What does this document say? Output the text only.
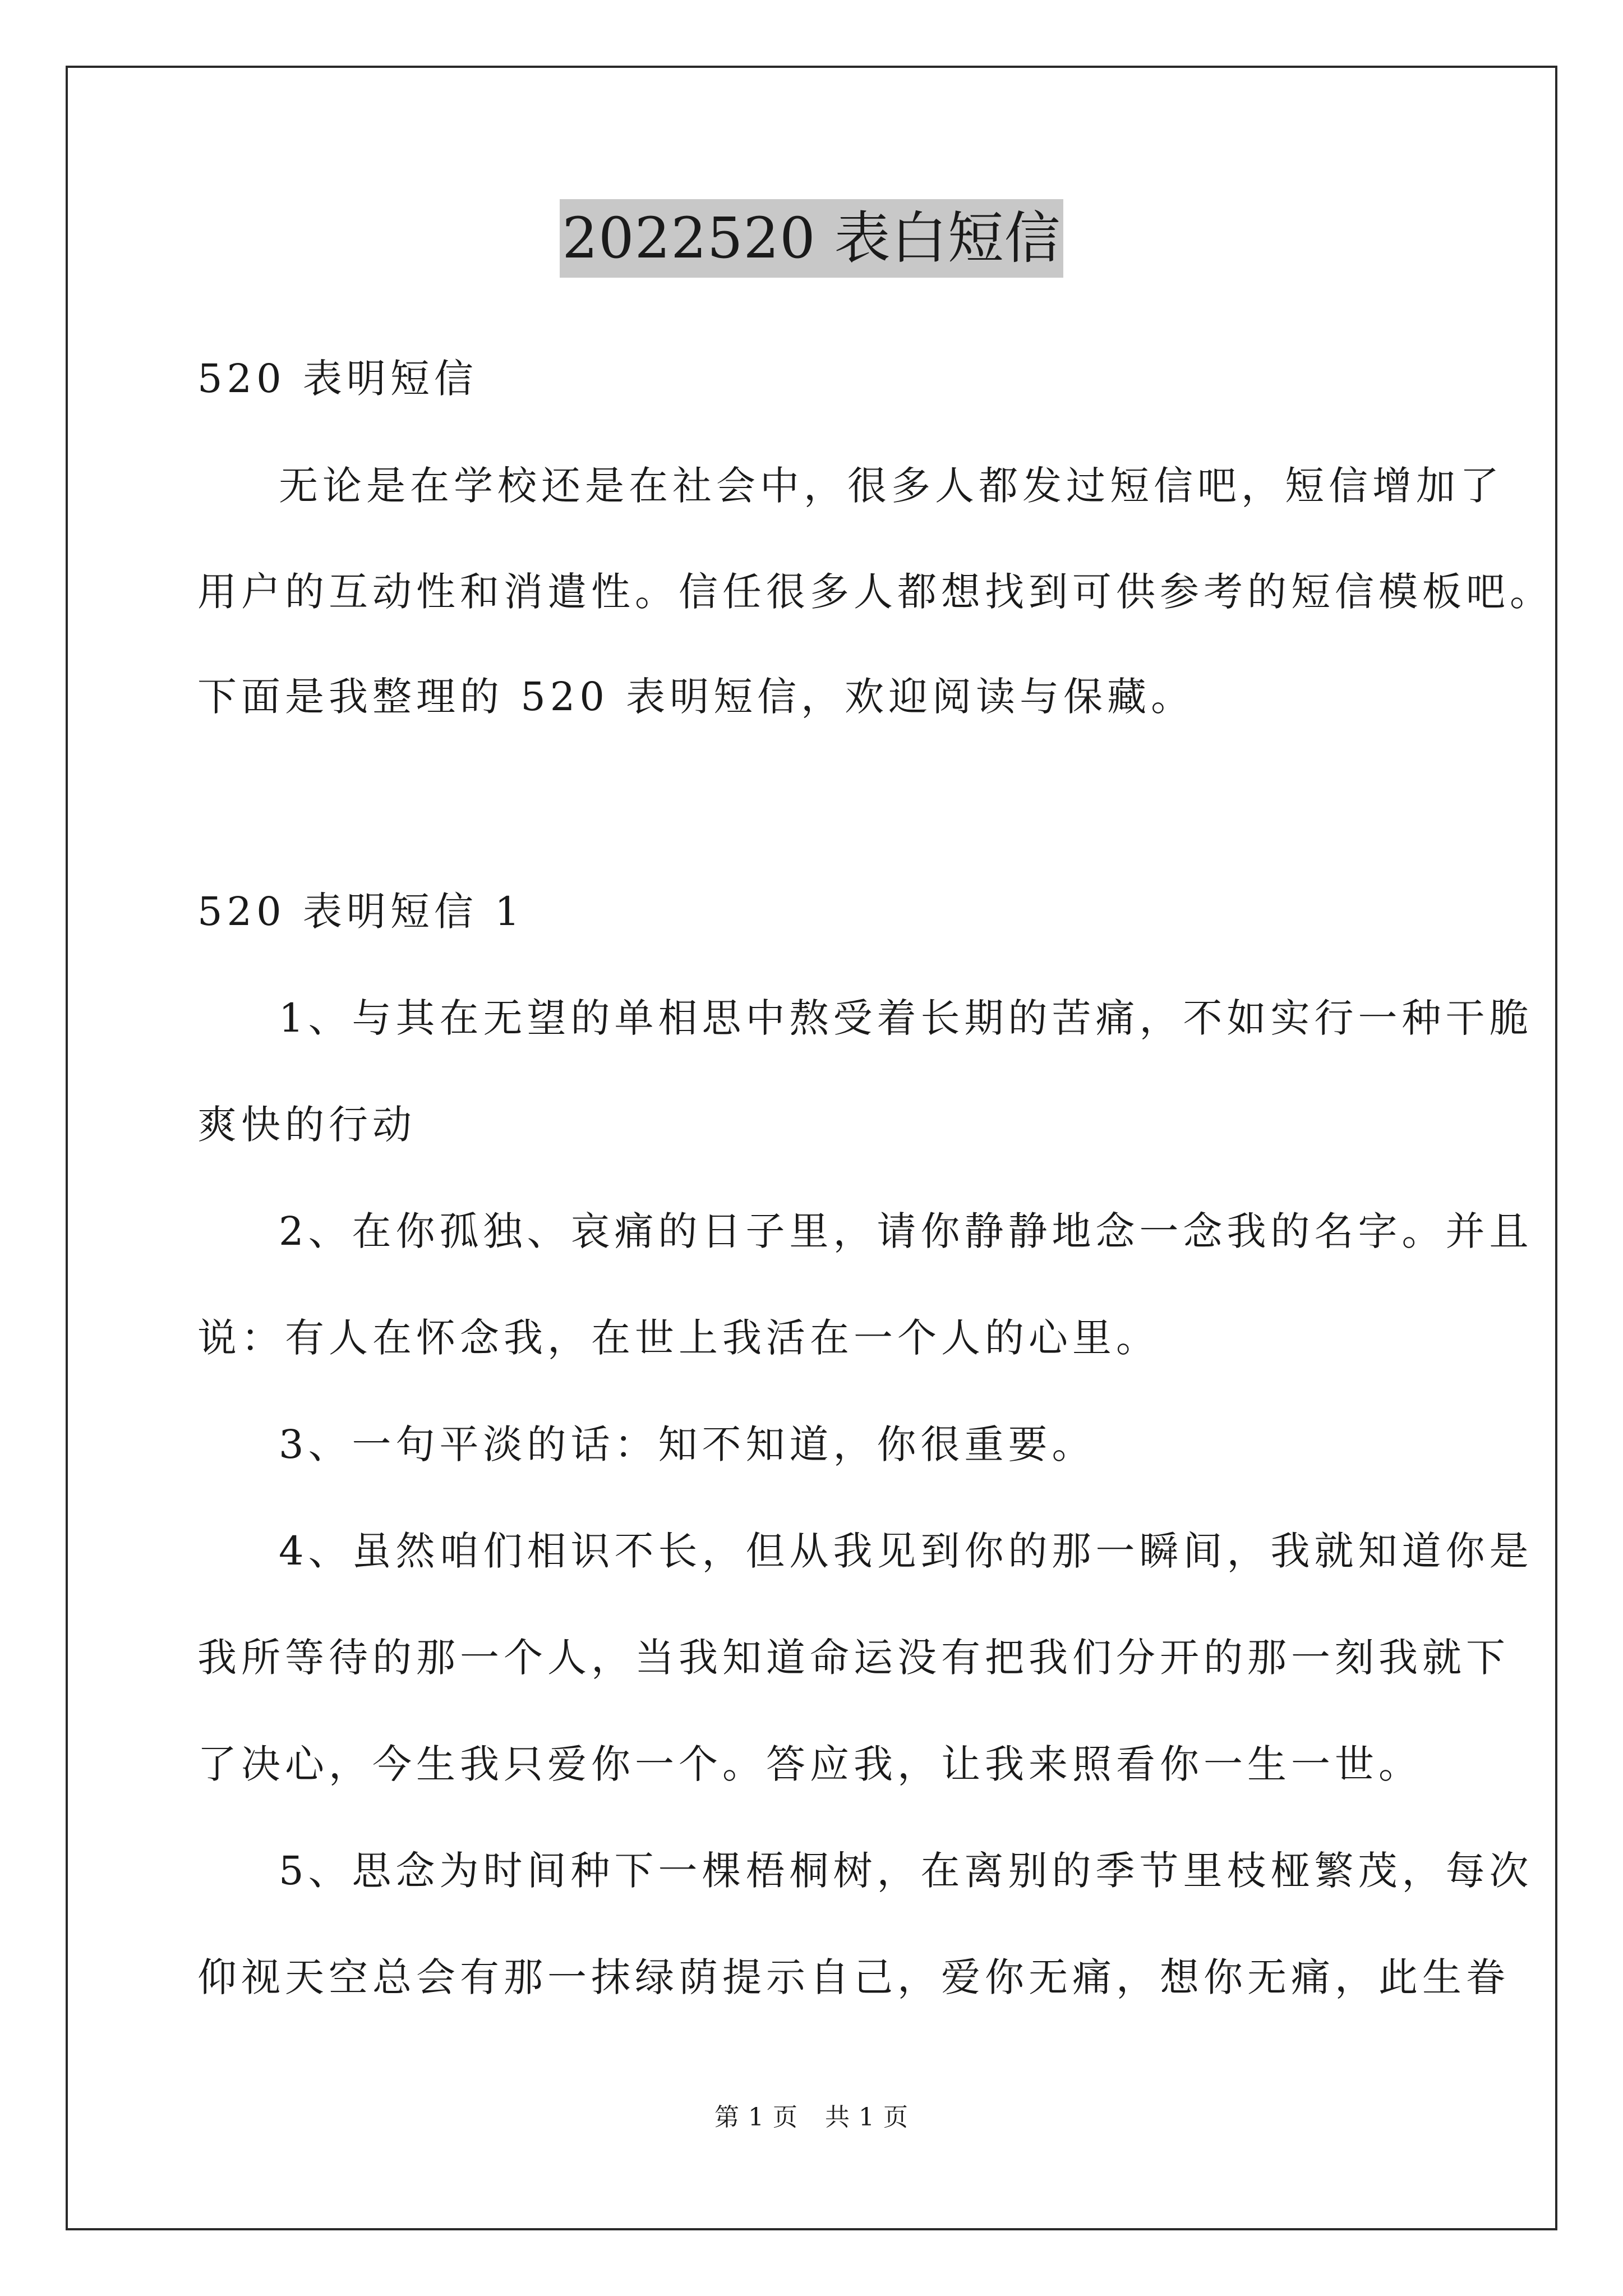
2022520 表白短信
520 表明短信
无论是在学校还是在社会中，很多人都发过短信吧，短信增加了
用户的互动性和消遣性。信任很多人都想找到可供参考的短信模板吧。
下面是我整理的 520 表明短信，欢迎阅读与保藏。
520 表明短信 1
1、与其在无望的单相思中熬受着长期的苦痛，不如实行一种干脆
爽快的行动
2、在你孤独、哀痛的日子里，请你静静地念一念我的名字。并且
说：有人在怀念我，在世上我活在一个人的心里。
3、一句平淡的话：知不知道，你很重要。
4、虽然咱们相识不长，但从我见到你的那一瞬间，我就知道你是
我所等待的那一个人，当我知道命运没有把我们分开的那一刻我就下
了决心，今生我只爱你一个。答应我，让我来照看你一生一世。
5、思念为时间种下一棵梧桐树，在离别的季节里枝桠繁茂，每次
仰视天空总会有那一抹绿荫提示自己，爱你无痛，想你无痛，此生眷
第 1 页 共 1 页
